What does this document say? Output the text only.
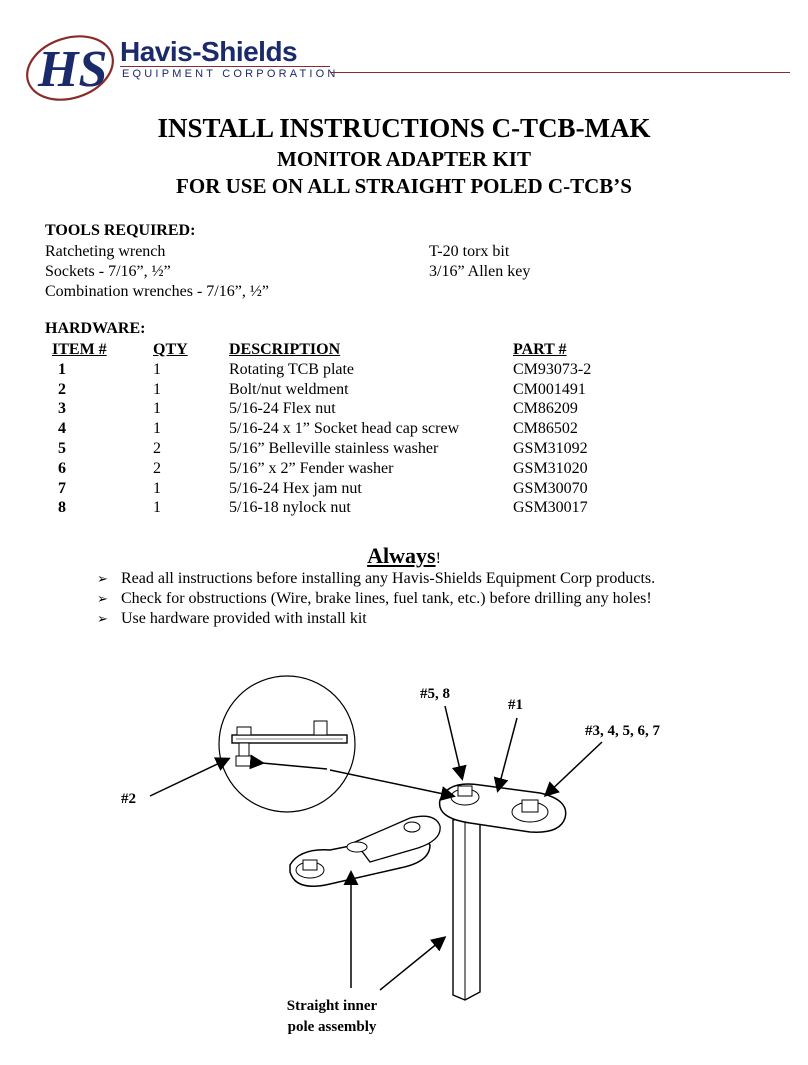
HS Havis-Shields
EQUIPMENT CORPORATION
INSTALL INSTRUCTIONS C-TCB-MAK
MONITOR ADAPTER KIT
FOR USE ON ALL STRAIGHT POLED C-TCB’S
TOOLS REQUIRED:
Ratcheting wrench
Sockets - 7/16”, ½”
Combination wrenches - 7/16”, ½”
T-20 torx bit
3/16” Allen key
HARDWARE:
ITEM #	QTY	DESCRIPTION	PART #
1	1	Rotating TCB plate	CM93073-2
2	1	Bolt/nut weldment	CM001491
3	1	5/16-24 Flex nut	CM86209
4	1	5/16-24 x 1” Socket head cap screw	CM86502
5	2	5/16” Belleville stainless washer	GSM31092
6	2	5/16” x 2” Fender washer	GSM31020
7	1	5/16-24 Hex jam nut	GSM30070
8	1	5/16-18 nylock nut	GSM30017
Always!
➢ Read all instructions before installing any Havis-Shields Equipment Corp products.
➢ Check for obstructions (Wire, brake lines, fuel tank, etc.) before drilling any holes!
➢ Use hardware provided with install kit
#5, 8
#1
#3, 4, 5, 6, 7
#2
Straight inner
pole assembly
